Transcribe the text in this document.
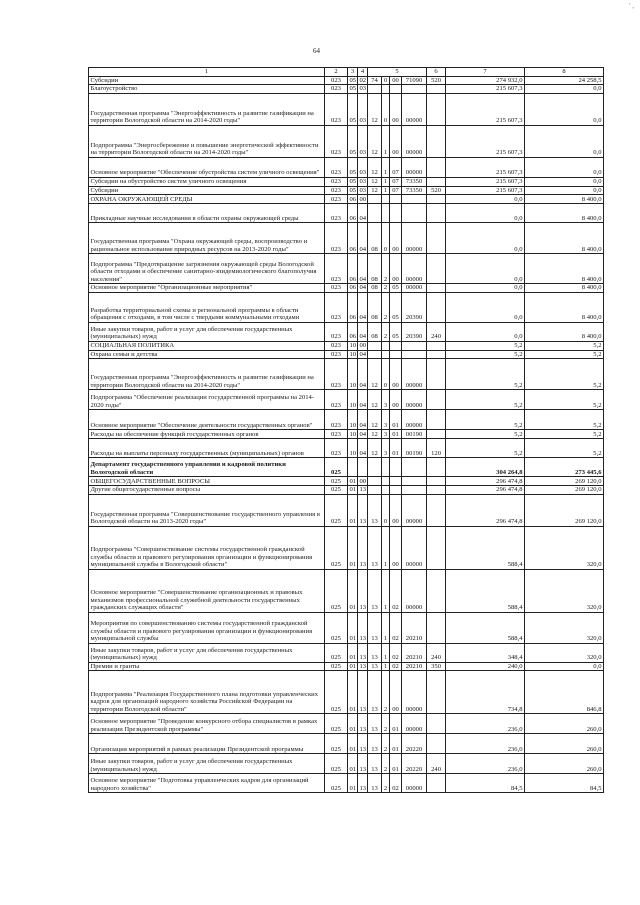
64
' ,
1	2	3	4	5				6	7	8
Субсидии	023	05	02	74	0	00	71090	520	274 932,0	24 258,5
Благоустройство	023	05	03						215 607,3	0,0
Государственная программа "Энергоэффективность и развитие газификации на территории Вологодской области на 2014-2020 годы"	023	05	03	12	0	00	00000		215 607,3	0,0
Подпрограмма "Энергосбережение и повышение энергетической эффективности на территории Вологодской области на 2014-2020 годы"	023	05	03	12	1	00	00000		215 607,3	0,0
Основное мероприятие "Обеспечение обустройства систем уличного освещения"	023	05	03	12	1	07	00000		215 607,3	0,0
Субсидии на обустройство систем уличного освещения	023	05	03	12	1	07	73350		215 607,3	0,0
Субсидии	023	05	03	12	1	07	73350	520	215 607,3	0,0
ОХРАНА ОКРУЖАЮЩЕЙ СРЕДЫ	023	06	00						0,0	8 400,0
Прикладные научные исследования в области охраны окружающей среды	023	06	04						0,0	8 400,0
Государственная программа "Охрана окружающей среды, воспроизводство и рациональное использование природных ресурсов на 2013-2020 годы"	023	06	04	08	0	00	00000		0,0	8 400,0
Подпрограмма "Предотвращение загрязнения окружающей среды Вологодской области отходами и обеспечение санитарно-эпидемиологического благополучия населения"	023	06	04	08	2	00	00000		0,0	8 400,0
Основное мероприятие "Организационные мероприятия"	023	06	04	08	2	05	00000		0,0	8 400,0
Разработка территориальной схемы и региональной программы в области обращения с отходами, в том числе с твердыми коммунальными отходами	023	06	04	08	2	05	20390		0,0	8 400,0
Иные закупки товаров, работ и услуг для обеспечения государственных (муниципальных) нужд	023	06	04	08	2	05	20390	240	0,0	8 400,0
СОЦИАЛЬНАЯ ПОЛИТИКА	023	10	00						5,2	5,2
Охрана семьи и детства	023	10	04						5,2	5,2
Государственная программа "Энергоэффективность и развитие газификации на территории Вологодской области на 2014-2020 годы"	023	10	04	12	0	00	00000		5,2	5,2
Подпрограмма "Обеспечение реализации государственной программы на 2014-2020 годы"	023	10	04	12	3	00	00000		5,2	5,2
Основное мероприятие "Обеспечение деятельности государственных органов"	023	10	04	12	3	01	00000		5,2	5,2
Расходы на обеспечение функций государственных органов	023	10	04	12	3	01	00190		5,2	5,2
Расходы на выплаты персоналу государственных (муниципальных) органов	023	10	04	12	3	01	00190	120	5,2	5,2
Департамент государственного управления и кадровой политики Вологодской области	025								304 264,8	273 445,6
ОБЩЕГОСУДАРСТВЕННЫЕ ВОПРОСЫ	025	01	00						296 474,8	269 120,0
Другие общегосударственные вопросы	025	01	13						296 474,8	269 120,0
Государственная программа "Совершенствование государственного управления в Вологодской области на 2013-2020 годы"	025	01	13	13	0	00	00000		296 474,8	269 120,0
Подпрограмма "Совершенствование системы государственной гражданской службы области и правового регулирования организации и функционирования муниципальной службы в Вологодской области"	025	01	13	13	1	00	00000		588,4	320,0
Основное мероприятие "Совершенствование организационных и правовых механизмов профессиональной служебной деятельности государственных гражданских служащих области"	025	01	13	13	1	02	00000		588,4	320,0
Мероприятия по совершенствованию системы государственной гражданской службы области и правового регулирования организации и функционирования муниципальной службы	025	01	13	13	1	02	20210		588,4	320,0
Иные закупки товаров, работ и услуг для обеспечения государственных (муниципальных) нужд	025	01	13	13	1	02	20210	240	348,4	320,0
Премии и гранты	025	01	13	13	1	02	20210	350	240,0	0,0
Подпрограмма "Реализация Государственного плана подготовки управленческих кадров для организаций народного хозяйства Российской Федерации на территории Вологодской области"	025	01	13	13	2	00	00000		734,8	846,8
Основное мероприятие "Проведение конкурсного отбора специалистов в рамках реализации Президентской программы"	025	01	13	13	2	01	00000		236,0	260,0
Организация мероприятий в рамках реализации Президентской программы	025	01	13	13	2	01	20220		236,0	260,0
Иные закупки товаров, работ и услуг для обеспечения государственных (муниципальных) нужд	025	01	13	13	2	01	20220	240	236,0	260,0
Основное мероприятие "Подготовка управленческих кадров для организаций народного хозяйства"	025	01	13	13	2	02	00000		84,5	84,5
